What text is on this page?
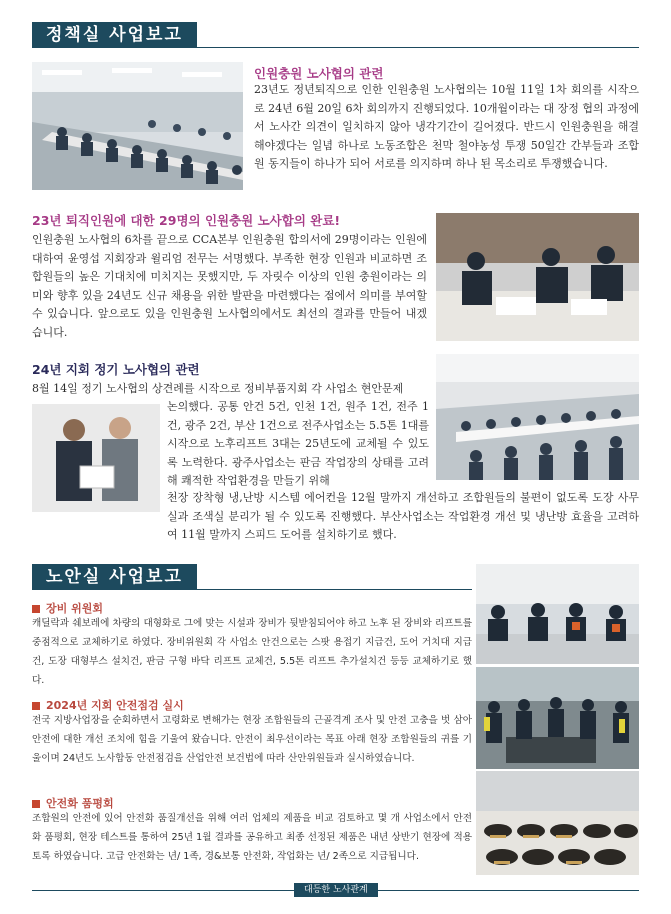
정책실 사업보고
인원충원 노사협의 관련
23년도 정년퇴직으로 인한 인원충원 노사협의는 10월 11일 1차 회의를 시작으로 24년 6월 20일 6차 회의까지 진행되었다. 10개월이라는 대 장정 협의 과정에서 노사간 의견이 일치하지 않아 냉각기간이 길어졌다. 반드시 인원충원을 해결해야겠다는 일념 하나로 노동조합은 천막 철야농성 투쟁 50일간 간부들과 조합원 동지들이 하나가 되어 서로를 의지하며 하나 된 목소리로 투쟁했습니다.
23년 퇴직인원에 대한 29명의 인원충원 노사합의 완료!
인원충원 노사협의 6차를 끝으로 CCA본부 인원충원 합의서에 29명이라는 인원에 대하여 윤영섭 지회장과 윌리엄 전무는 서명했다. 부족한 현장 인원과 비교하면 조합원들의 높은 기대치에 미치지는 못했지만, 두 자릿수 이상의 인원 충원이라는 의미와 향후 있을 24년도 신규 채용을 위한 발판을 마련했다는 점에서 의미를 부여할 수 있습니다. 앞으로도 있을 인원충원 노사협의에서도 최선의 결과를 만들어 내겠습니다.
24년 지회 정기 노사협의 관련
8월 14일 정기 노사협의 상견례를 시작으로 정비부품지회 각 사업소 현안문제
논의했다. 공통 안건 5건, 인천 1건, 원주 1건, 전주 1건, 광주 2건, 부산 1건으로 전주사업소는 5.5톤 1대를 시작으로 노후리프트 3대는 25년도에 교체될 수 있도록 노력한다. 광주사업소는 판금 작업장의 상태를 고려해 쾌적한 작업환경을 만들기 위해
천장 장착형 냉,난방 시스템 에어컨을 12월 말까지 개선하고 조합원들의 불편이 없도록 도장 사무실과 조색실 분리가 될 수 있도록 진행했다. 부산사업소는 작업환경 개선 및 냉난방 효율을 고려하여 11월 말까지 스피드 도어를 설치하기로 했다.
노안실 사업보고
장비 위원회
캐딜락과 쉐보레에 차량의 대형화로 그에 맞는 시설과 장비가 뒷받침되어야 하고 노후 된 장비와 리프트를 중점적으로 교체하기로 하였다. 장비위원회 각 사업소 안건으로는 스팟 용접기 지급건, 도어 거치대 지급건, 도장 대형부스 설치건, 판금 구형 바닥 리프트 교체건, 5.5톤 리프트 추가설치건 등등 교체하기로 했다.
2024년 지회 안전점검 실시
전국 지방사업장을 순회하면서 고령화로 변해가는 현장 조합원들의 근골격계 조사 및 안전 고충을 벗 삼아 안전에 대한 개선 조치에 힘을 기울여 왔습니다. 안전이 최우선이라는 목표 아래 현장 조합원들의 귀를 기울이며 24년도 노사합동 안전점검을 산업안전 보건법에 따라 산안위원들과 실시하였습니다.
안전화 품평회
조합원의 안전에 있어 안전화 품질개선을 위해 여러 업체의 제품을 비교 검토하고 몇 개 사업소에서 안전화 품평회, 현장 테스트를 통하여 25년 1월 결과를 공유하고 최종 선정된 제품은 내년 상반기 현장에 적용토록 하였습니다. 고급 안전화는 년/ 1족, 경&보통 안전화, 작업화는 년/ 2족으로 지급됩니다.
대등한 노사관계
